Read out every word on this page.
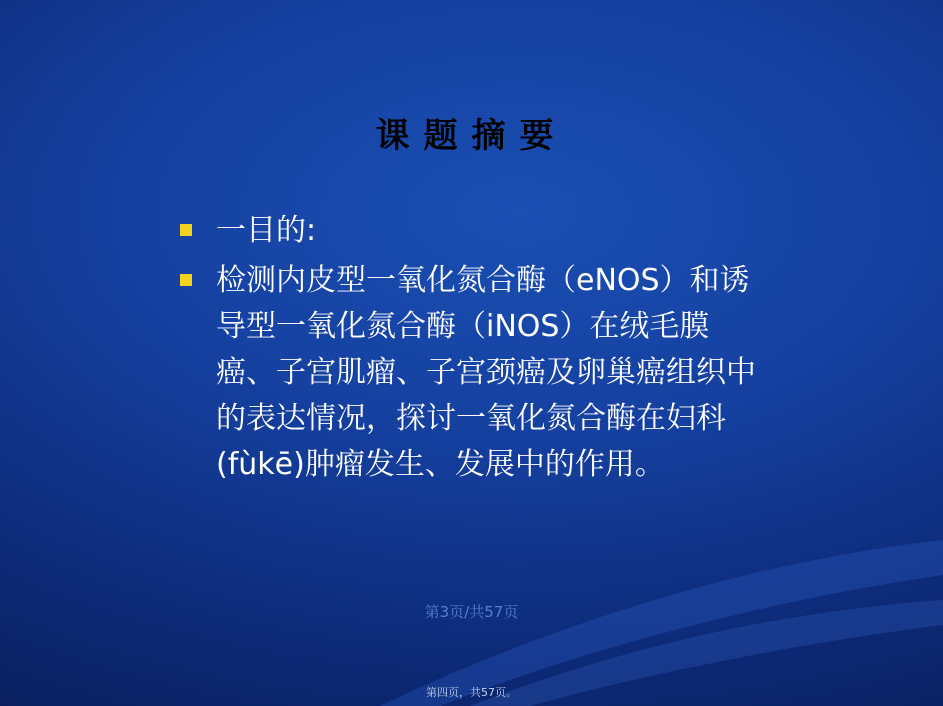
课题摘要
一目的:
检测内皮型一氧化氮合酶（eNOS）和诱导型一氧化氮合酶（iNOS）在绒毛膜癌、子宫肌瘤、子宫颈癌及卵巢癌组织中的表达情况，探讨一氧化氮合酶在妇科(fùkē)肿瘤发生、发展中的作用。
第3页/共57页
第四页，共57页。
